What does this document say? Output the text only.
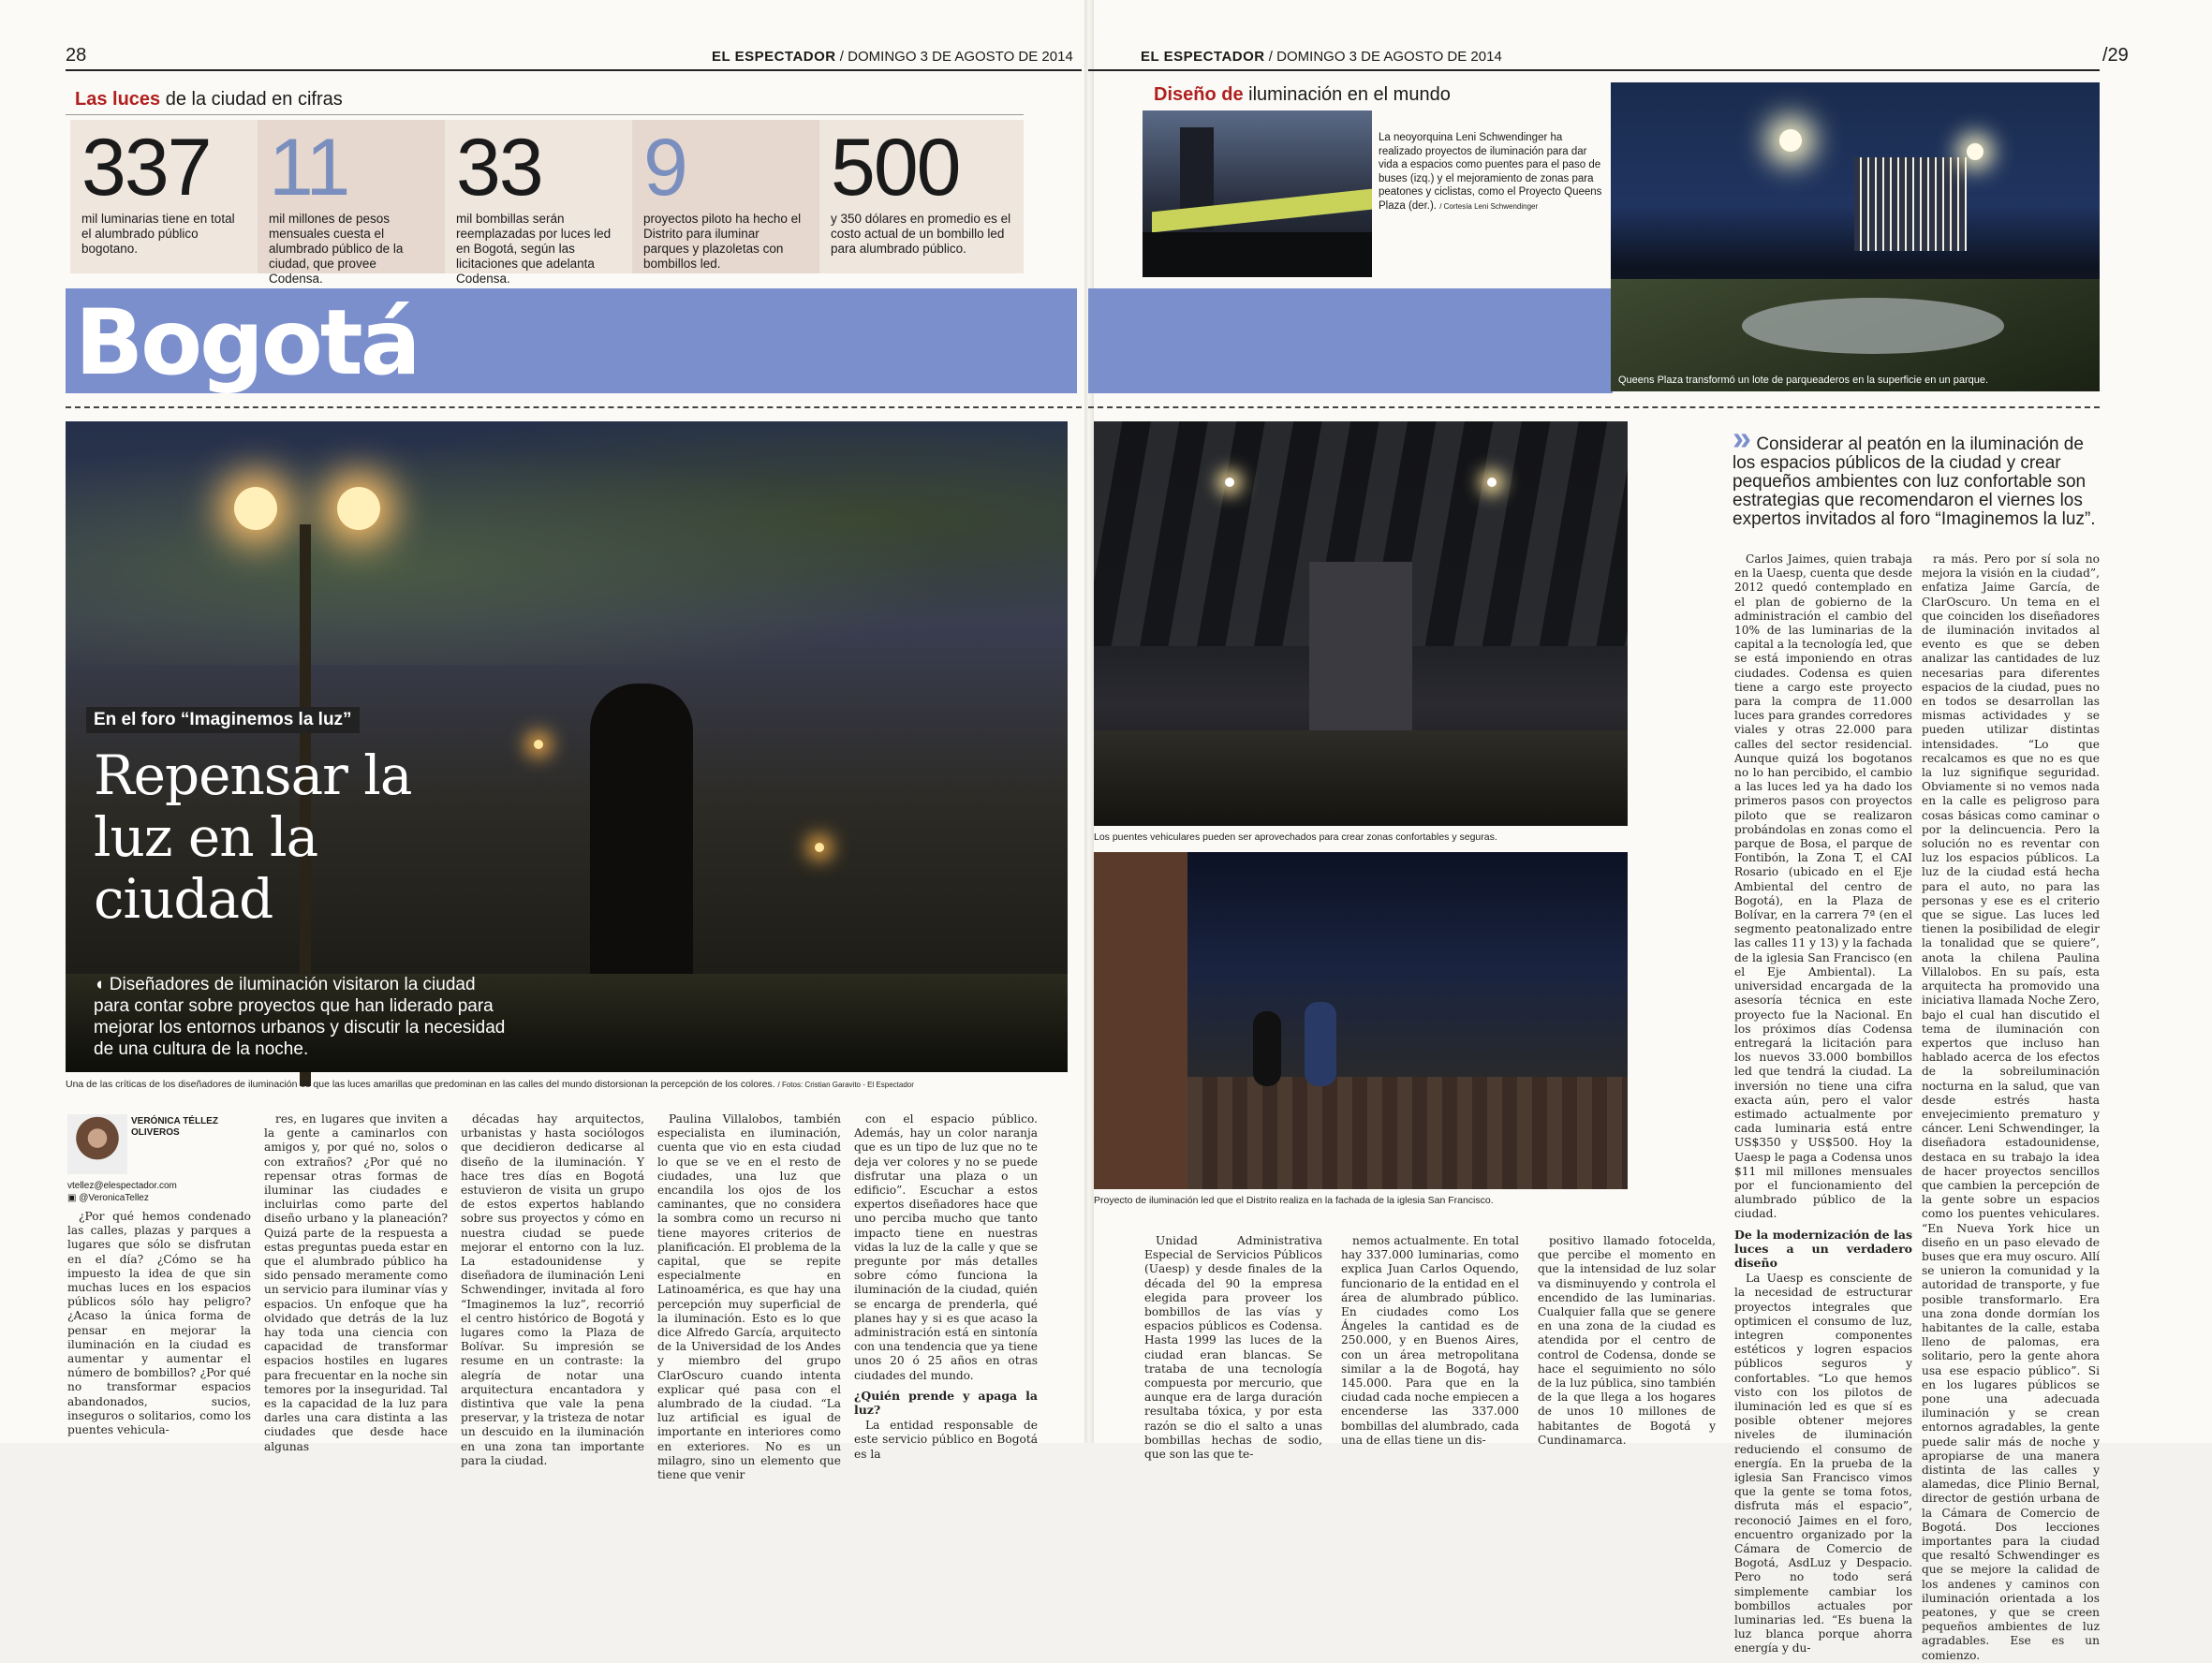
28	EL ESPECTADOR / DOMINGO 3 DE AGOSTO DE 2014	EL ESPECTADOR / DOMINGO 3 DE AGOSTO DE 2014	/29
Las luces de la ciudad en cifras
337
mil luminarias tiene en total el alumbrado público bogotano.
11
mil millones de pesos mensuales cuesta el alumbrado público de la ciudad, que provee Codensa.
33
mil bombillas serán reemplazadas por luces led en Bogotá, según las licitaciones que adelanta Codensa.
9
proyectos piloto ha hecho el Distrito para iluminar parques y plazoletas con bombillos led.
500
y 350 dólares en promedio es el costo actual de un bombillo led para alumbrado público.
Bogotá
Diseño de iluminación en el mundo
La neoyorquina Leni Schwendinger ha realizado proyectos de iluminación para dar vida a espacios como puentes para el paso de buses (izq.) y el mejoramiento de zonas para peatones y ciclistas, como el Proyecto Queens Plaza (der.). / Cortesía Leni Schwendinger
Queens Plaza transformó un lote de parqueaderos en la superficie en un parque.
En el foro “Imaginemos la luz”
Repensar la luz en la ciudad
◖ Diseñadores de iluminación visitaron la ciudad para contar sobre proyectos que han liderado para mejorar los entornos urbanos y discutir la necesidad de una cultura de la noche.
Una de las críticas de los diseñadores de iluminación es que las luces amarillas que predominan en las calles del mundo distorsionan la percepción de los colores. / Fotos: Cristian Garavito - El Espectador
VERÓNICA TÉLLEZ OLIVEROS
vtellez@elespectador.com
▣ @VeronicaTellez

¿Por qué hemos condenado las calles, plazas y parques a lugares que sólo se disfrutan en el día? ¿Cómo se ha impuesto la idea de que sin muchas luces en los espacios públicos sólo hay peligro? ¿Acaso la única forma de pensar en mejorar la iluminación en la ciudad es aumentar y aumentar el número de bombillos? ¿Por qué no transformar espacios abandonados, sucios, inseguros o solitarios, como los puentes vehicula-

res, en lugares que inviten a la gente a caminarlos con amigos y, por qué no, solos o con extraños? ¿Por qué no repensar otras formas de iluminar las ciudades e incluirlas como parte del diseño urbano y la planeación? Quizá parte de la respuesta a estas preguntas pueda estar en que el alumbrado público ha sido pensado meramente como un servicio para iluminar vías y espacios. Un enfoque que ha olvidado que detrás de la luz hay toda una ciencia con capacidad de transformar espacios hostiles en lugares para frecuentar en la noche sin temores por la inseguridad. Tal es la capacidad de la luz para darles una cara distinta a las ciudades que desde hace algunas

décadas hay arquitectos, urbanistas y hasta sociólogos que decidieron dedicarse al diseño de la iluminación. Y hace tres días en Bogotá estuvieron de visita un grupo de estos expertos hablando sobre sus proyectos y cómo en nuestra ciudad se puede mejorar el entorno con la luz. La estadounidense y diseñadora de iluminación Leni Schwendinger, invitada al foro “Imaginemos la luz”, recorrió el centro histórico de Bogotá y lugares como la Plaza de Bolívar. Su impresión se resume en un contraste: la alegría de notar una arquitectura encantadora y distintiva que vale la pena preservar, y la tristeza de notar un descuido en la iluminación en una zona tan importante para la ciudad.

Paulina Villalobos, también especialista en iluminación, cuenta que vio en esta ciudad lo que se ve en el resto de ciudades, una luz que encandila los ojos de los caminantes, que no considera la sombra como un recurso ni tiene mayores criterios de planificación. El problema de la capital, que se repite especialmente en Latinoamérica, es que hay una percepción muy superficial de la iluminación. Esto es lo que dice Alfredo García, arquitecto de la Universidad de los Andes y miembro del grupo ClarOscuro cuando intenta explicar qué pasa con el alumbrado de la ciudad. “La luz artificial es igual de importante en interiores como en exteriores. No es un milagro, sino un elemento que tiene que venir

con el espacio público. Además, hay un color naranja que es un tipo de luz que no te deja ver colores y no se puede disfrutar una plaza o un edificio”. Escuchar a estos expertos diseñadores hace que uno perciba mucho que tanto impacto tiene en nuestras vidas la luz de la calle y que se pregunte por más detalles sobre cómo funciona la iluminación de la ciudad, quién se encarga de prenderla, qué planes hay y si es que acaso la administración está en sintonía con una tendencia que ya tiene unos 20 ó 25 años en otras ciudades del mundo.

¿Quién prende y apaga la luz?

La entidad responsable de este servicio público en Bogotá es la

Los puentes vehiculares pueden ser aprovechados para crear zonas confortables y seguras.
Proyecto de iluminación led que el Distrito realiza en la fachada de la iglesia San Francisco.
» Considerar al peatón en la iluminación de los espacios públicos de la ciudad y crear pequeños ambientes con luz confortable son estrategias que recomendaron el viernes los expertos invitados al foro “Imaginemos la luz”.

Carlos Jaimes, quien trabaja en la Uaesp, cuenta que desde 2012 quedó contemplado en el plan de gobierno de la administración el cambio del 10% de las luminarias de la capital a la tecnología led, que se está imponiendo en otras ciudades. Codensa es quien tiene a cargo este proyecto para la compra de 11.000 luces para grandes corredores viales y otras 22.000 para calles del sector residencial. Aunque quizá los bogotanos no lo han percibido, el cambio a las luces led ya ha dado los primeros pasos con proyectos piloto que se realizaron probándolas en zonas como el parque de Bosa, el parque de Fontibón, la Zona T, el CAI Rosario (ubicado en el Eje Ambiental del centro de Bogotá), en la Plaza de Bolívar, en la carrera 7ª (en el segmento peatonalizado entre las calles 11 y 13) y la fachada de la iglesia San Francisco (en el Eje Ambiental). La universidad encargada de la asesoría técnica en este proyecto fue la Nacional. En los próximos días Codensa entregará la licitación para los nuevos 33.000 bombillos led que tendrá la ciudad. La inversión no tiene una cifra exacta aún, pero el valor estimado actualmente por cada luminaria está entre US$350 y US$500. Hoy la Uaesp le paga a Codensa unos $11 mil millones mensuales por el funcionamiento del alumbrado público de la ciudad.

De la modernización de las luces a un verdadero diseño

La Uaesp es consciente de la necesidad de estructurar proyectos integrales que optimicen el consumo de luz, integren componentes estéticos y logren espacios públicos seguros y confortables. “Lo que hemos visto con los pilotos de iluminación led es que sí es posible obtener mejores niveles de iluminación reduciendo el consumo de energía. En la prueba de la iglesia San Francisco vimos que la gente se toma fotos, disfruta más el espacio”, reconoció Jaimes en el foro, encuentro organizado por la Cámara de Comercio de Bogotá, AsdLuz y Despacio. Pero no todo será simplemente cambiar los bombillos actuales por luminarias led. “Es buena la luz blanca porque ahorra energía y du-

ra más. Pero por sí sola no mejora la visión en la ciudad”, enfatiza Jaime García, de ClarOscuro. Un tema en el que coinciden los diseñadores de iluminación invitados al evento es que se deben analizar las cantidades de luz necesarias para diferentes espacios de la ciudad, pues no en todos se desarrollan las mismas actividades y se pueden utilizar distintas intensidades. “Lo que recalcamos es que no es que la luz signifique seguridad. Obviamente si no vemos nada en la calle es peligroso para cosas básicas como caminar o por la delincuencia. Pero la solución no es reventar con luz los espacios públicos. La luz de la ciudad está hecha para el auto, no para las personas y ese es el criterio que se sigue. Las luces led tienen la posibilidad de elegir la tonalidad que se quiere”, anota la chilena Paulina Villalobos. En su país, esta arquitecta ha promovido una iniciativa llamada Noche Zero, bajo el cual han discutido el tema de iluminación con expertos que incluso han hablado acerca de los efectos de la sobreiluminación nocturna en la salud, que van desde estrés hasta envejecimiento prematuro y cáncer. Leni Schwendinger, la diseñadora estadounidense, destaca en su trabajo la idea de hacer proyectos sencillos que cambien la percepción de la gente sobre un espacios como los puentes vehiculares. “En Nueva York hice un diseño en un paso elevado de buses que era muy oscuro. Allí se unieron la comunidad y la autoridad de transporte, y fue posible transformarlo. Era una zona donde dormían los habitantes de la calle, estaba lleno de palomas, era solitario, pero la gente ahora usa ese espacio público”. Si en los lugares públicos se pone una adecuada iluminación y se crean entornos agradables, la gente puede salir más de noche y apropiarse de una manera distinta de las calles y alamedas, dice Plinio Bernal, director de gestión urbana de la Cámara de Comercio de Bogotá. Dos lecciones importantes para la ciudad que resaltó Schwendinger es que se mejore la calidad de los andenes y caminos con iluminación orientada a los peatones, y que se creen pequeños ambientes de luz agradables. Ese es un comienzo.

Unidad Administrativa Especial de Servicios Públicos (Uaesp) y desde finales de la década del 90 la empresa elegida para proveer los bombillos de las vías y espacios públicos es Codensa. Hasta 1999 las luces de la ciudad eran blancas. Se trataba de una tecnología compuesta por mercurio, que aunque era de larga duración resultaba tóxica, y por esta razón se dio el salto a unas bombillas hechas de sodio, que son las que te-

nemos actualmente. En total hay 337.000 luminarias, como explica Juan Carlos Oquendo, funcionario de la entidad en el área de alumbrado público. En ciudades como Los Ángeles la cantidad es de 250.000, y en Buenos Aires, con un área metropolitana similar a la de Bogotá, hay 145.000. Para que en la ciudad cada noche empiecen a encenderse las 337.000 bombillas del alumbrado, cada una de ellas tiene un dis-

positivo llamado fotocelda, que percibe el momento en que la intensidad de luz solar va disminuyendo y controla el encendido de las luminarias. Cualquier falla que se genere en una zona de la ciudad es atendida por el centro de control de Codensa, donde se hace el seguimiento no sólo de la luz pública, sino también de la que llega a los hogares de unos 10 millones de habitantes de Bogotá y Cundinamarca.
